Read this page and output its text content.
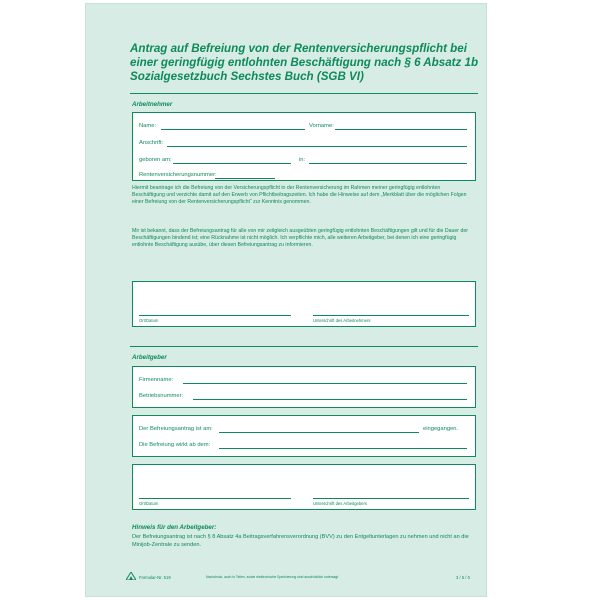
Antrag auf Befreiung von der Rentenversicherungspflicht bei einer geringfügig entlohnten Beschäftigung nach § 6 Absatz 1b Sozialgesetzbuch Sechstes Buch (SGB VI)
Arbeitnehmer
Name:	Vorname:
Anschrift:
geboren am:	in:
Rentenversicherungsnummer:
Hiermit beantrage ich die Befreiung von der Versicherungspflicht in der Rentenversicherung im Rahmen meiner geringfügig entlohnten Beschäftigung und verzichte damit auf den Erwerb von Pflichtbeitragszeiten. Ich habe die Hinweise auf dem „Merkblatt über die möglichen Folgen einer Befreiung von der Rentenversicherungspflicht“ zur Kenntnis genommen.
Mir ist bekannt, dass der Befreiungsantrag für alle von mir zeitgleich ausgeübten geringfügig entlohnten Beschäftigungen gilt und für die Dauer der Beschäftigungen bindend ist; eine Rücknahme ist nicht möglich. Ich verpflichte mich, alle weiteren Arbeitgeber, bei denen ich eine geringfügig entlohnte Beschäftigung ausübe, über diesen Befreiungsantrag zu informieren.
Ort/Datum	Unterschrift des Arbeitnehmers
Arbeitgeber
Firmenname:
Betriebsnummer:
Der Befreiungsantrag ist am:	eingegangen.
Die Befreiung wirkt ab dem:
Ort/Datum	Unterschrift des Arbeitgebers
Hinweis für den Arbeitgeber:
Der Befreiungsantrag ist nach § 8 Absatz 4a Beitragsverfahrensverordnung (BVV) zu den Entgeltunterlagen zu nehmen und nicht an die Minijob-Zentrale zu senden.
Formular-Nr. 519	Nachdruck, auch in Teilen, sowie elektronische Speicherung sind ausdrücklich untersagt	3 / 5 / 0
